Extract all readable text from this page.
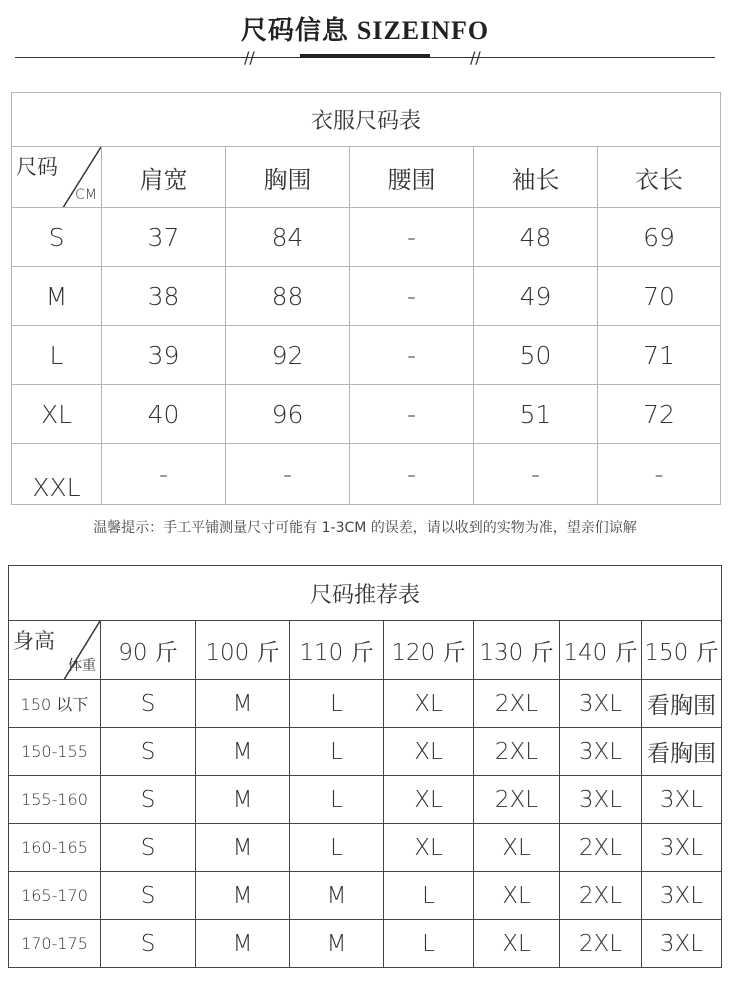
尺码信息 SIZEINFO
//	//
衣服尺码表					

尺码
CM	肩宽	胸围	腰围	袖长	衣长
S	37	84	-	48	69
M	38	88	-	49	70
L	39	92	-	50	71
XL	40	96	-	51	72
XXL	-	-	-	-	-
温馨提示：手工平铺测量尺寸可能有 1-3CM 的误差，请以收到的实物为准，望亲们谅解
尺码推荐表							

身高
体重	90 斤	100 斤	110 斤	120 斤	130 斤	140 斤	150 斤
150 以下	S	M	L	XL	2XL	3XL	看胸围
150-155	S	M	L	XL	2XL	3XL	看胸围
155-160	S	M	L	XL	2XL	3XL	3XL
160-165	S	M	L	XL	XL	2XL	3XL
165-170	S	M	M	L	XL	2XL	3XL
170-175	S	M	M	L	XL	2XL	3XL
